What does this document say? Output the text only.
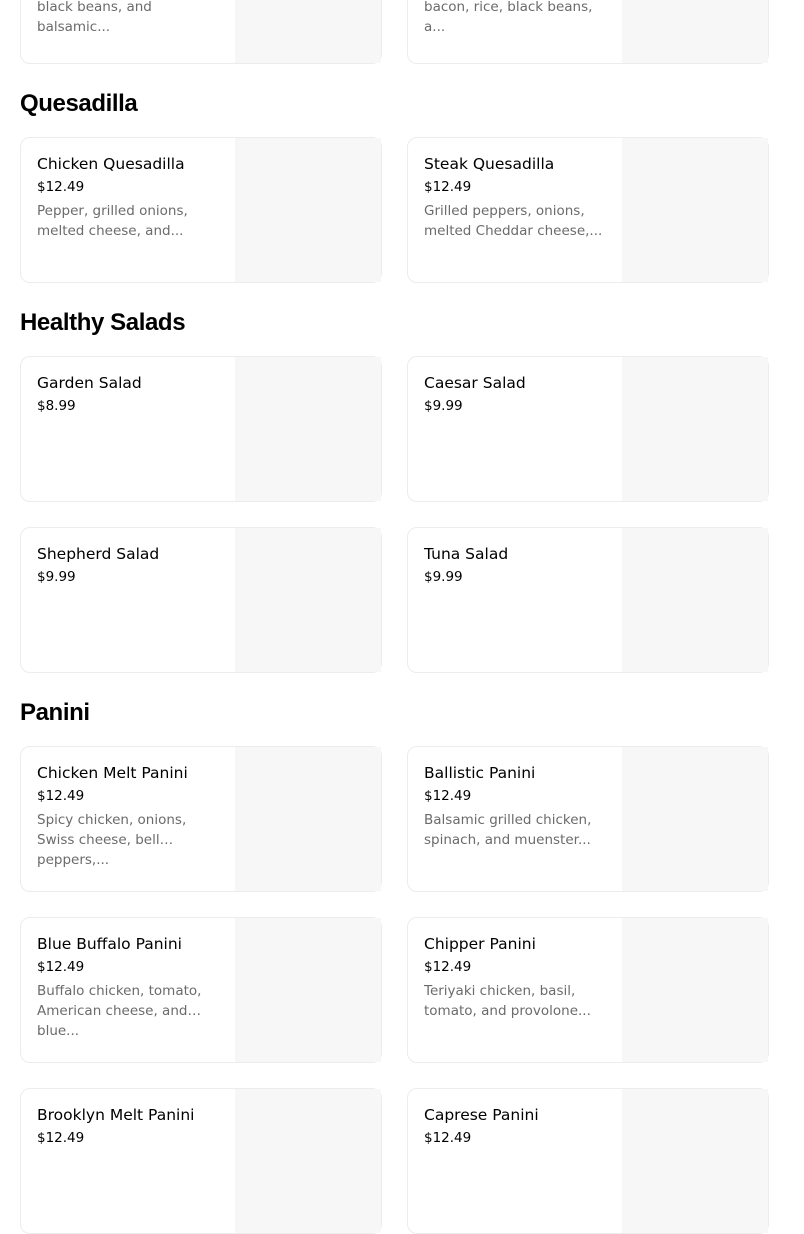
black beans, and balsamic...
bacon, rice, black beans, a...
Quesadilla
Chicken Quesadilla
$12.49
Pepper, grilled onions, melted cheese, and...
Steak Quesadilla
$12.49
Grilled peppers, onions, melted Cheddar cheese,...
Healthy Salads
Garden Salad
$8.99
Caesar Salad
$9.99
Shepherd Salad
$9.99
Tuna Salad
$9.99
Panini
Chicken Melt Panini
$12.49
Spicy chicken, onions, Swiss cheese, bell peppers,...
Ballistic Panini
$12.49
Balsamic grilled chicken, spinach, and muenster...
Blue Buffalo Panini
$12.49
Buffalo chicken, tomato, American cheese, and blue...
Chipper Panini
$12.49
Teriyaki chicken, basil, tomato, and provolone...
Brooklyn Melt Panini
$12.49
Caprese Panini
$12.49
